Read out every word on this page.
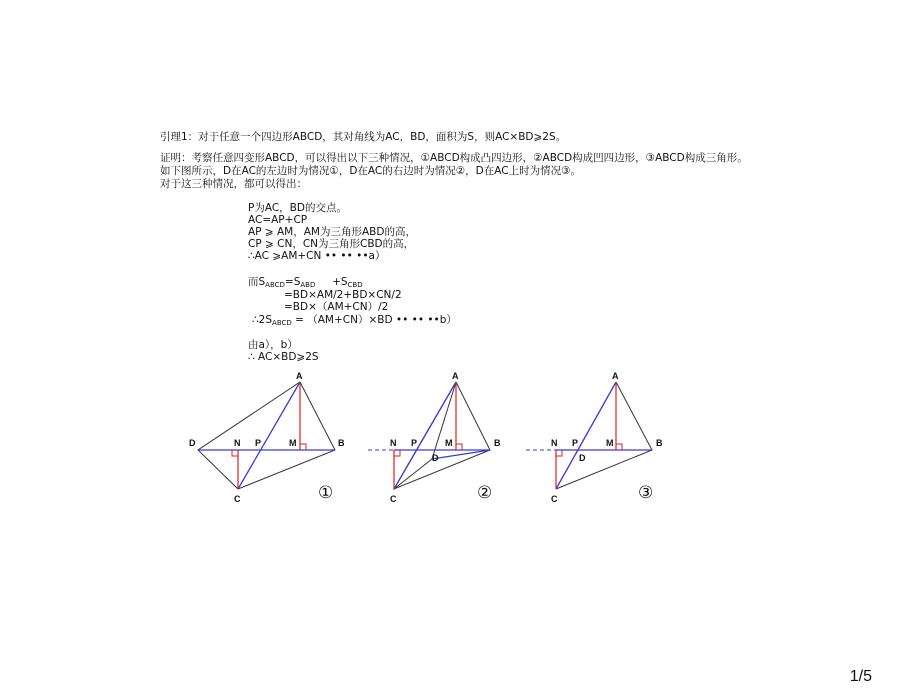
引理1：对于任意一个四边形ABCD，其对角线为AC，BD，面积为S，则AC×BD⩾2S。
证明：考察任意四变形ABCD，可以得出以下三种情况，①ABCD构成凸四边形，②ABCD构成凹四边形，③ABCD构成三角形。
如下图所示，D在AC的左边时为情况①，D在AC的右边时为情况②，D在AC上时为情况③。
对于这三种情况，都可以得出：
P为AC，BD的交点。
AC=AP+CP
AP ⩾ AM，AM为三角形ABD的高，
CP ⩾ CN，CN为三角形CBD的高，
∴AC ⩾AM+CN •• •• ••a）
而$S_{ABCD}=S_{ABD}$     $+S_{CBD}$
=BD×AM/2+BD×CN/2
=BD×（AM+CN）/2
$\therefore 2S_{ABCD} = (AM+CN)\times BD$ •• •• ••b）
由a），b）
∴ AC×BD⩾2S
A
B
C
D	M
N P
①
A
B
C
D
M
N P
②
A
B
C
D
M
N P
③
1/5
